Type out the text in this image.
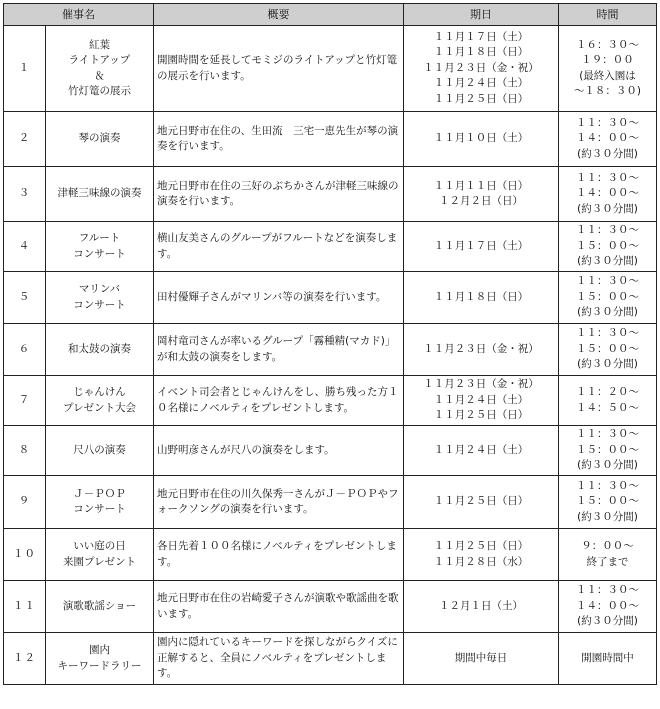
催事名		概要	期日	時間
１	紅葉
ライトアップ
＆
竹灯篭の展示	開園時間を延長してモミジのライトアップと竹灯篭の展示を行います。	１１月１７日（土）
１１月１８日（日）
１１月２３日（金・祝）
１１月２４日（土）
１１月２５日（日）	１６：３０～
１９：００
(最終入園は
～１８：３０)
２	琴の演奏	地元日野市在住の、生田流　三宅一恵先生が琴の演奏を行います。	１１月１０日（土）	１１：３０～
１４：００～
(約３０分間)
３	津軽三味線の演奏	地元日野市在住の三好のぶちかさんが津軽三味線の演奏を行います。	１１月１１日（日）
１２月２日（日）	１１：３０～
１４：００～
(約３０分間)
４	フルート
コンサート	横山友美さんのグループがフルートなどを演奏します。	１１月１７日（土）	１１：３０～
１５：００～
(約３０分間)
５	マリンバ
コンサート	田村優輝子さんがマリンバ等の演奏を行います。	１１月１８日（日）	１１：３０～
１５：００～
(約３０分間)
６	和太鼓の演奏	岡村竜司さんが率いるグループ「霧種精(マカド)」が和太鼓の演奏をします。	１１月２３日（金・祝）	１１：３０～
１５：００～
(約３０分間)
７	じゃんけん
プレゼント大会	イベント司会者とじゃんけんをし、勝ち残った方１０名様にノベルティをプレゼントします。	１１月２３日（金・祝）
１１月２４日（土）
１１月２５日（日）	１１：２０～
１４：５０～
８	尺八の演奏	山野明彦さんが尺八の演奏をします。	１１月２４日（土）	１１：３０～
１５：００～
(約３０分間)
９	Ｊ－ＰＯＰ
コンサート	地元日野市在住の川久保秀一さんがＪ－ＰＯＰやフォークソングの演奏を行います。	１１月２５日（日）	１１：３０～
１５：００～
(約３０分間)
１０	いい庭の日
来園プレゼント	各日先着１００名様にノベルティをプレゼントします。	１１月２５日（日）
１１月２８日（水）	９：００～
終了まで
１１	演歌歌謡ショー	地元日野市在住の岩崎愛子さんが演歌や歌謡曲を歌います。	１２月１日（土）	１１：３０～
１４：００～
(約３０分間)
１２	園内
キーワードラリー	園内に隠れているキーワードを探しながらクイズに正解すると、全員にノベルティをプレゼントします。	期間中毎日	開園時間中
